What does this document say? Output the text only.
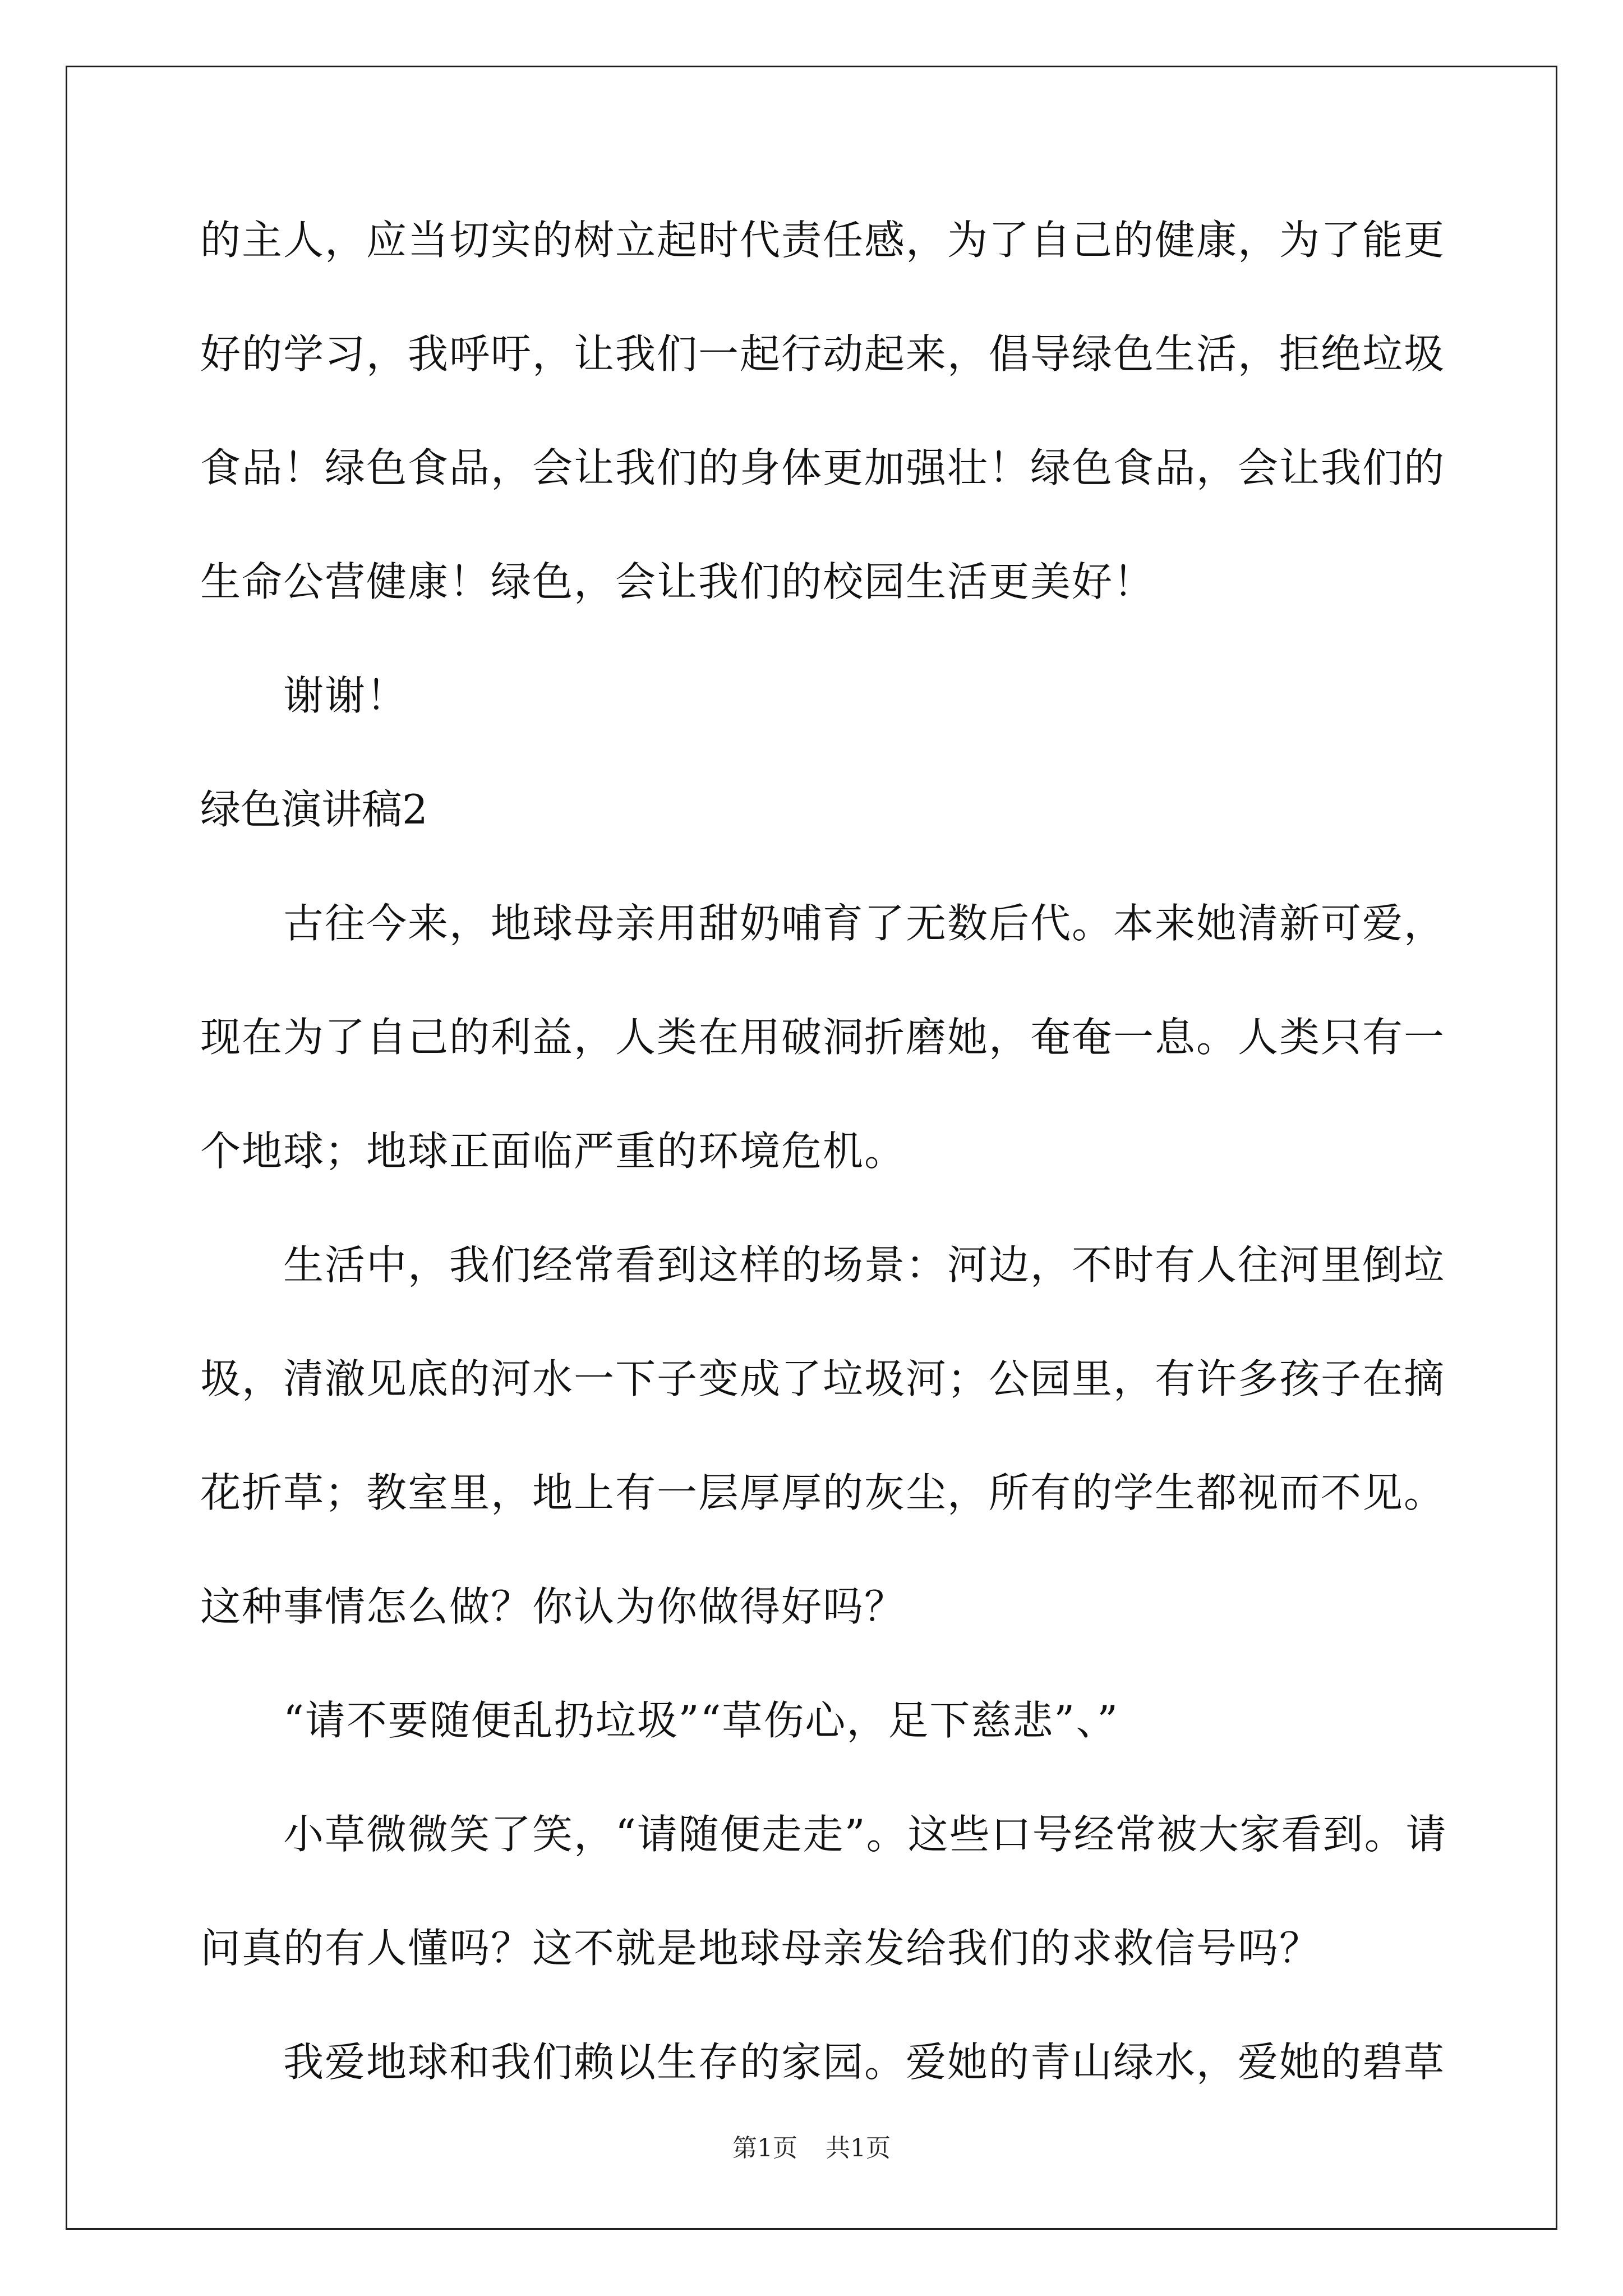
的主人，应当切实的树立起时代责任感，为了自己的健康，为了能更
好的学习，我呼吁，让我们一起行动起来，倡导绿色生活，拒绝垃圾
食品！绿色食品，会让我们的身体更加强壮！绿色食品，会让我们的
生命公营健康！绿色，会让我们的校园生活更美好！
谢谢！
绿色演讲稿2
古往今来，地球母亲用甜奶哺育了无数后代。本来她清新可爱，
现在为了自己的利益，人类在用破洞折磨她，奄奄一息。人类只有一
个地球；地球正面临严重的环境危机。
生活中，我们经常看到这样的场景：河边，不时有人往河里倒垃
圾，清澈见底的河水一下子变成了垃圾河；公园里，有许多孩子在摘
花折草；教室里，地上有一层厚厚的灰尘，所有的学生都视而不见。
这种事情怎么做？你认为你做得好吗？
“请不要随便乱扔垃圾”“草伤心，足下慈悲”、”
小草微微笑了笑，“请随便走走”。这些口号经常被大家看到。请
问真的有人懂吗？这不就是地球母亲发给我们的求救信号吗？
我爱地球和我们赖以生存的家园。爱她的青山绿水，爱她的碧草
第1页 共1页
